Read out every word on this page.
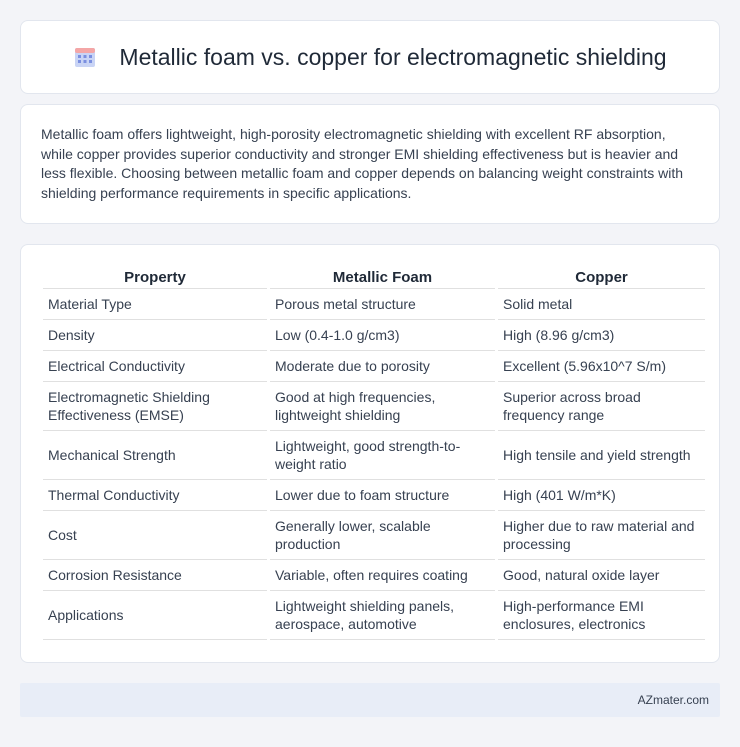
Metallic foam vs. copper for electromagnetic shielding

Metallic foam offers lightweight, high-porosity electromagnetic shielding with excellent RF absorption, while copper provides superior conductivity and stronger EMI shielding effectiveness but is heavier and less flexible. Choosing between metallic foam and copper depends on balancing weight constraints with shielding performance requirements in specific applications.

Property	Metallic Foam	Copper
Material Type	Porous metal structure	Solid metal
Density	Low (0.4-1.0 g/cm3)	High (8.96 g/cm3)
Electrical Conductivity	Moderate due to porosity	Excellent (5.96x10^7 S/m)
Electromagnetic Shielding Effectiveness (EMSE)	Good at high frequencies, lightweight shielding	Superior across broad frequency range
Mechanical Strength	Lightweight, good strength-to-weight ratio	High tensile and yield strength
Thermal Conductivity	Lower due to foam structure	High (401 W/m*K)
Cost	Generally lower, scalable production	Higher due to raw material and processing
Corrosion Resistance	Variable, often requires coating	Good, natural oxide layer
Applications	Lightweight shielding panels, aerospace, automotive	High-performance EMI enclosures, electronics
AZmater.com
